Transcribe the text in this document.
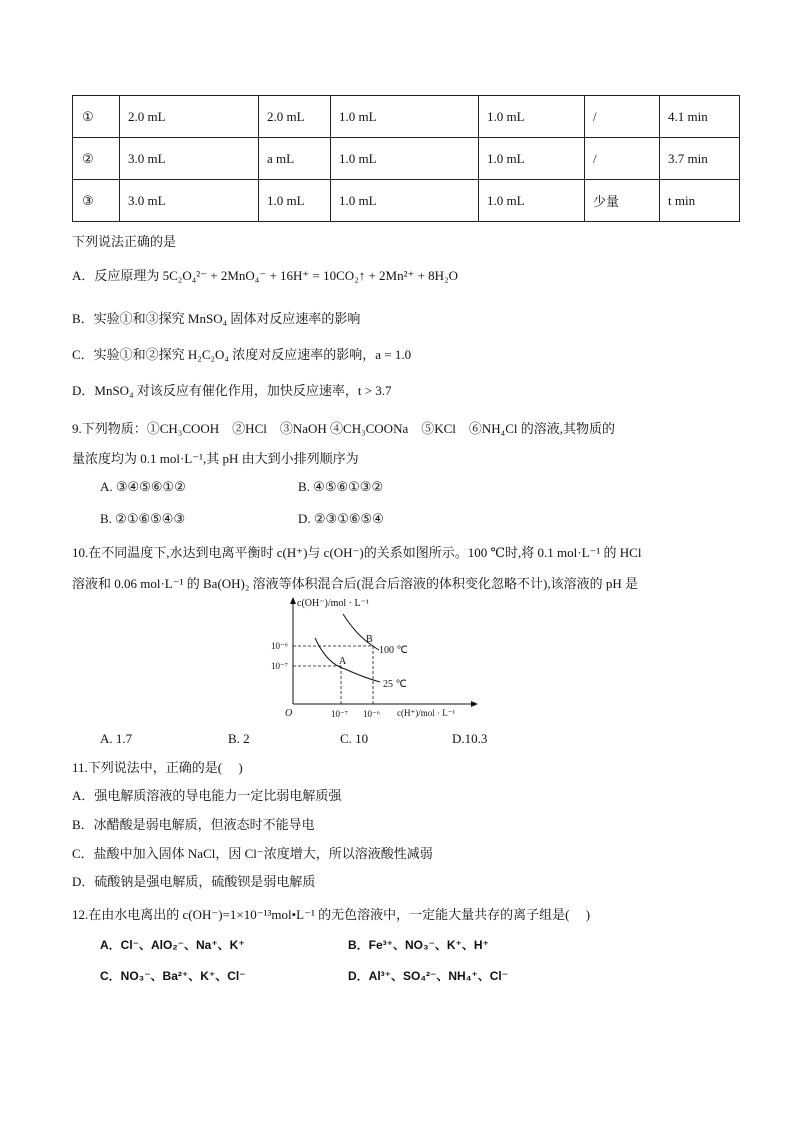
①	2.0 mL	2.0 mL	1.0 mL	1.0 mL	/	4.1 min
②	3.0 mL	a mL	1.0 mL	1.0 mL	/	3.7 min
③	3.0 mL	1.0 mL	1.0 mL	1.0 mL	少量	t min
下列说法正确的是
A．反应原理为 5C₂O₄²⁻ + 2MnO₄⁻ + 16H⁺ = 10CO₂↑ + 2Mn²⁺ + 8H₂O
B．实验①和③探究 MnSO₄ 固体对反应速率的影响
C．实验①和②探究 H₂C₂O₄ 浓度对反应速率的影响，a = 1.0
D．MnSO₄ 对该反应有催化作用，加快反应速率，t > 3.7
9.下列物质：①CH₃COOH　②HCl　③NaOH ④CH₃COONa　⑤KCl　⑥NH₄Cl 的溶液,其物质的
量浓度均为 0.1 mol·L⁻¹,其 pH 由大到小排列顺序为
A. ③④⑤⑥①②	B. ④⑤⑥①③②
B. ②①⑥⑤④③	D. ②③①⑥⑤④
10.在不同温度下,水达到电离平衡时 c(H⁺)与 c(OH⁻)的关系如图所示。100 ℃时,将 0.1 mol·L⁻¹ 的 HCl
溶液和 0.06 mol·L⁻¹ 的 Ba(OH)₂ 溶液等体积混合后(混合后溶液的体积变化忽略不计),该溶液的 pH 是
c(OH⁻)/mol · L⁻¹
c(H⁺)/mol · L⁻¹
O
10⁻⁶
10⁻⁷
10⁻⁷ 10⁻⁶
A
B
100 ℃
25 ℃
A. 1.7	B. 2	C. 10	D.10.3
11.下列说法中，正确的是(　 )
A．强电解质溶液的导电能力一定比弱电解质强
B．冰醋酸是弱电解质，但液态时不能导电
C．盐酸中加入固体 NaCl，因 Cl⁻浓度增大，所以溶液酸性减弱
D．硫酸钠是强电解质，硫酸钡是弱电解质
12.在由水电离出的 c(OH⁻)=1×10⁻¹³mol•L⁻¹ 的无色溶液中，一定能大量共存的离子组是(　 )
A．Cl⁻、AlO₂⁻、Na⁺、K⁺	B．Fe³⁺、NO₃⁻、K⁺、H⁺
C．NO₃⁻、Ba²⁺、K⁺、Cl⁻	D．Al³⁺、SO₄²⁻、NH₄⁺、Cl⁻
